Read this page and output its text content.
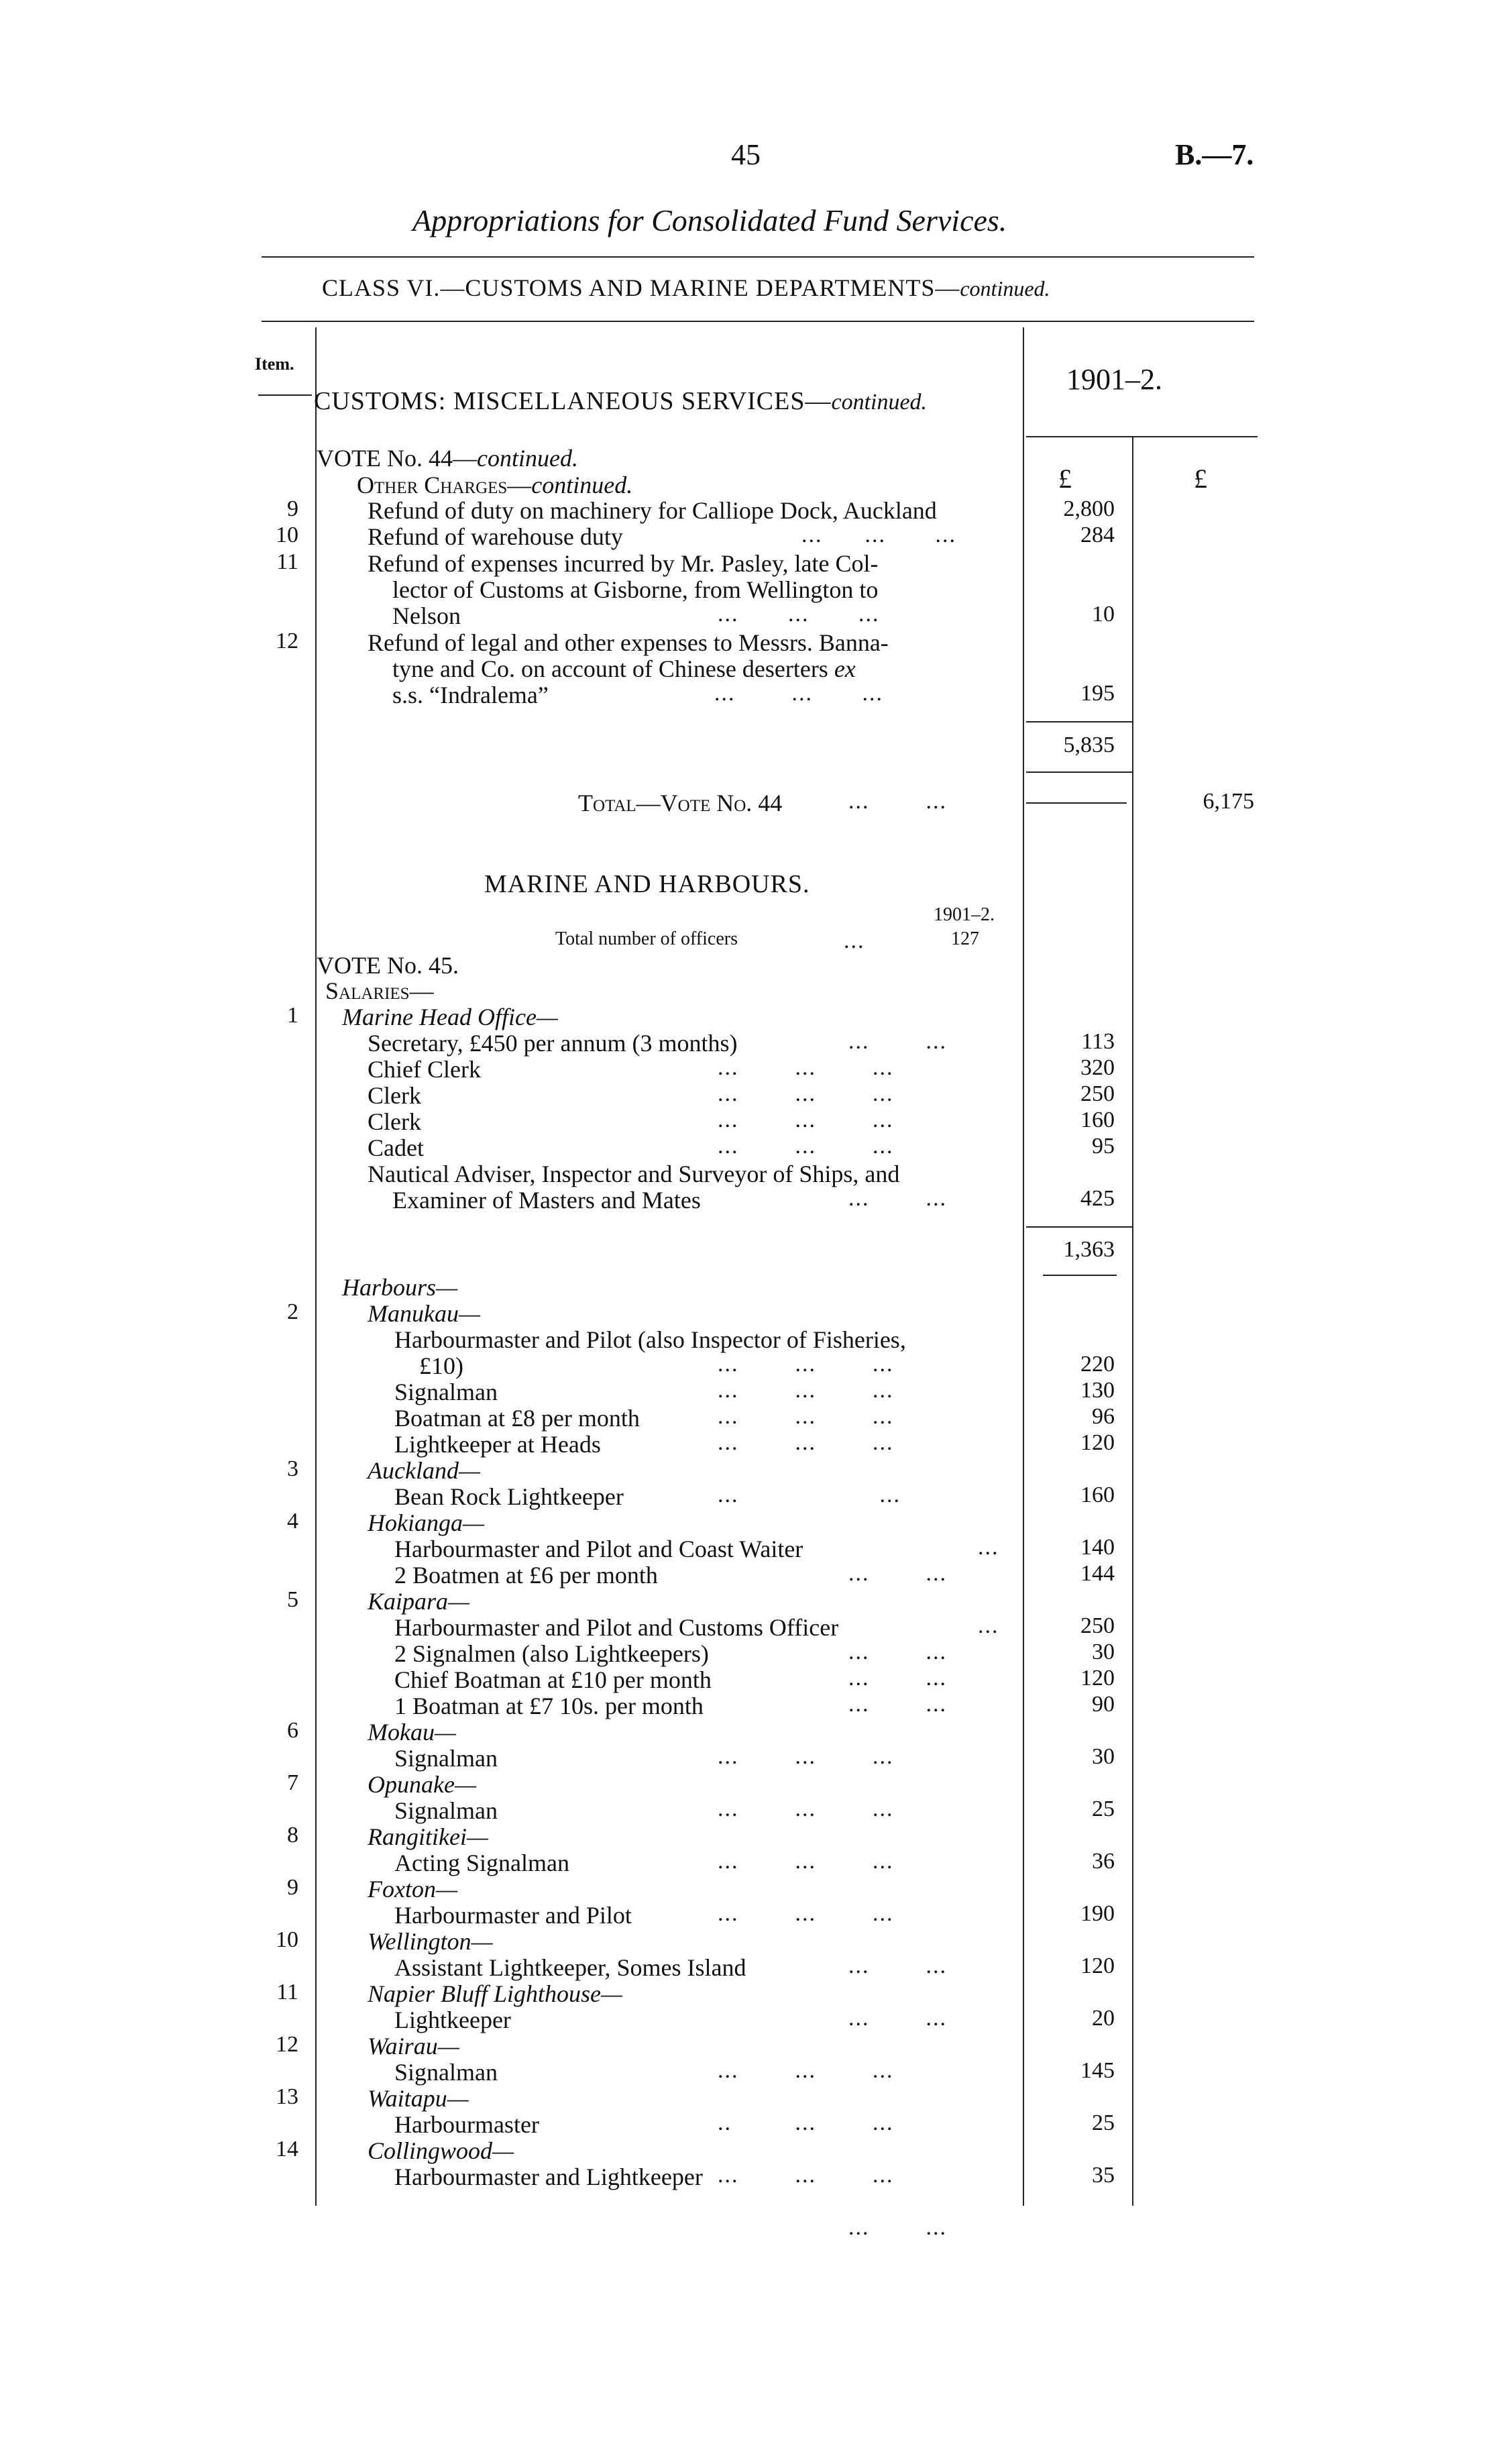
45	B.—7.
Appropriations for Consolidated Fund Services.
CLASS VI.—CUSTOMS AND MARINE DEPARTMENTS—continued.
Item.	1901–2.
CUSTOMS: MISCELLANEOUS SERVICES—continued.
VOTE No. 44—continued.
£	£
Other Charges—continued.
9	Refund of duty on machinery for Calliope Dock, Auckland	2,800
10	Refund of warehouse duty	...      ...       ...	284
11	Refund of expenses incurred by Mr. Pasley, late Col-
lector of Customs at Gisborne, from Wellington to
Nelson	...       ...       ...	10
12	Refund of legal and other expenses to Messrs. Banna-
tyne and Co. on account of Chinese deserters ex
s.s. “Indralema”	...        ...       ...	195
5,835
Total—Vote No. 44	...        ...	6,175
MARINE AND HARBOURS.
1901–2.
Total number of officers	...	127
VOTE No. 45.
Salaries—
1 Marine Head Office—
Secretary, £450 per annum (3 months)	...        ...	113
Chief Clerk	...        ...        ...	320
Clerk	...        ...        ...	250
Clerk	...        ...        ...	160
Cadet	...        ...        ...	95
Nautical Adviser, Inspector and Surveyor of Ships, and
Examiner of Masters and Mates	...        ...	425
1,363
Harbours—
2	Manukau—
Harbourmaster and Pilot (also Inspector of Fisheries,
£10)	...        ...        ...	220
Signalman	...        ...        ...	130
Boatman at £8 per month	...        ...        ...	96
Lightkeeper at Heads	...        ...        ...	120
3	Auckland—
Bean Rock Lightkeeper	...                    ...	160
4	Hokianga—
Harbourmaster and Pilot and Coast Waiter	...	140
2 Boatmen at £6 per month	...        ...	144
5	Kaipara—
Harbourmaster and Pilot and Customs Officer	...	250
2 Signalmen (also Lightkeepers)	...        ...	30
Chief Boatman at £10 per month	...        ...	120
1 Boatman at £7 10s. per month	...        ...	90
6	Mokau—
Signalman	...        ...        ...	30
7	Opunake—
Signalman	...        ...        ...	25
8	Rangitikei—
Acting Signalman	...        ...        ...	36
9	Foxton—
Harbourmaster and Pilot	...        ...        ...	190
10	Wellington—
Assistant Lightkeeper, Somes Island	...        ...	120
11	Napier Bluff Lighthouse—
Lightkeeper	...        ...	20
12	Wairau—
Signalman	...        ...        ...	145
13	Waitapu—
Harbourmaster	..         ...        ...	25
14	Collingwood—
Harbourmaster and Lightkeeper ...        ...        ...	35
...        ...
